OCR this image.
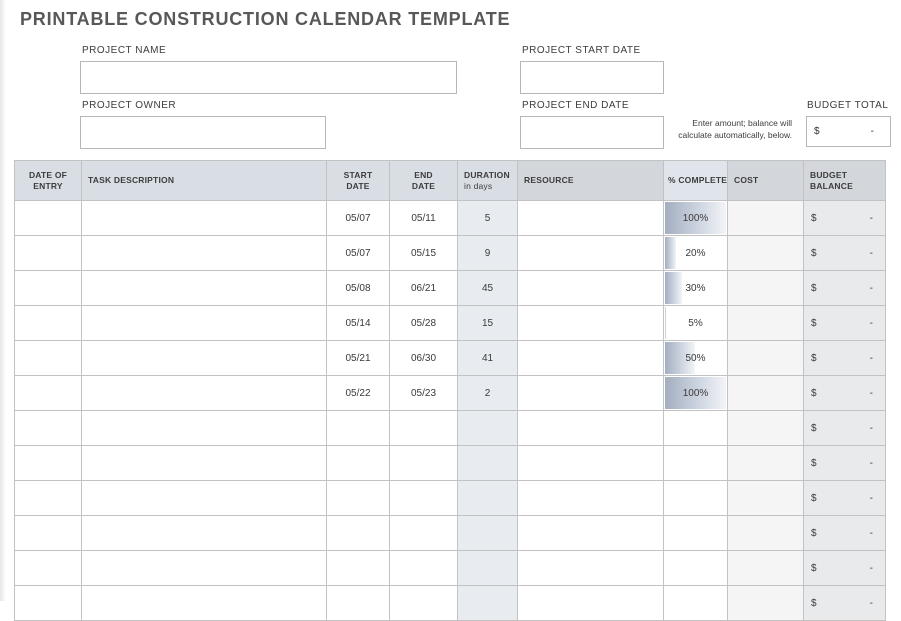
PRINTABLE CONSTRUCTION CALENDAR TEMPLATE
PROJECT NAME
PROJECT OWNER
PROJECT START DATE
PROJECT END DATE
Enter amount; balance will calculate automatically, below.
BUDGET TOTAL
$	-
DATE OF ENTRY	TASK DESCRIPTION	START DATE	END DATE	DURATION
in days	RESOURCE	% COMPLETE	COST	BUDGET BALANCE
		05/07	05/11	5		100%		$ -

		05/07	05/15	9		20%		$ -

		05/08	06/21	45		30%		$ -

		05/14	05/28	15		5%		$ -

		05/21	06/30	41		50%		$ -

		05/22	05/23	2		100%		$ -

								$ -

								$ -

								$ -

								$ -

								$ -

								$ -
